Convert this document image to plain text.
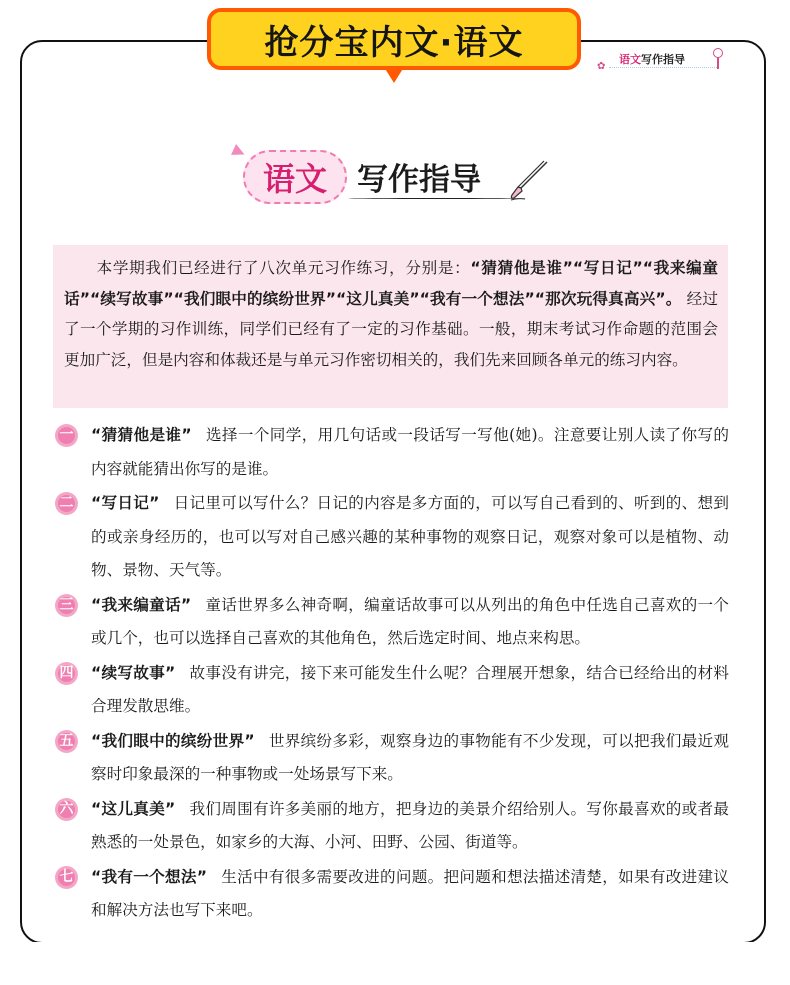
抢分宝内文·语文
✿
语文写作指导
语文 写作指导
本学期我们已经进行了八次单元习作练习，分别是：“猜猜他是谁”“写日记”“我来编童话”“续写故事”“我们眼中的缤纷世界”“这儿真美”“我有一个想法”“那次玩得真高兴”。 经过了一个学期的习作训练，同学们已经有了一定的习作基础。一般，期末考试习作命题的范围会更加广泛，但是内容和体裁还是与单元习作密切相关的，我们先来回顾各单元的练习内容。
一 “猜猜他是谁” 选择一个同学，用几句话或一段话写一写他(她)。注意要让别人读了你写的内容就能猜出你写的是谁。
二 “写日记” 日记里可以写什么？日记的内容是多方面的，可以写自己看到的、听到的、想到的或亲身经历的，也可以写对自己感兴趣的某种事物的观察日记，观察对象可以是植物、动物、景物、天气等。
三 “我来编童话” 童话世界多么神奇啊，编童话故事可以从列出的角色中任选自己喜欢的一个或几个，也可以选择自己喜欢的其他角色，然后选定时间、地点来构思。
四 “续写故事” 故事没有讲完，接下来可能发生什么呢？合理展开想象，结合已经给出的材料合理发散思维。
五 “我们眼中的缤纷世界” 世界缤纷多彩，观察身边的事物能有不少发现，可以把我们最近观察时印象最深的一种事物或一处场景写下来。
六 “这儿真美” 我们周围有许多美丽的地方，把身边的美景介绍给别人。写你最喜欢的或者最熟悉的一处景色，如家乡的大海、小河、田野、公园、街道等。
七 “我有一个想法” 生活中有很多需要改进的问题。把问题和想法描述清楚，如果有改进建议和解决方法也写下来吧。
